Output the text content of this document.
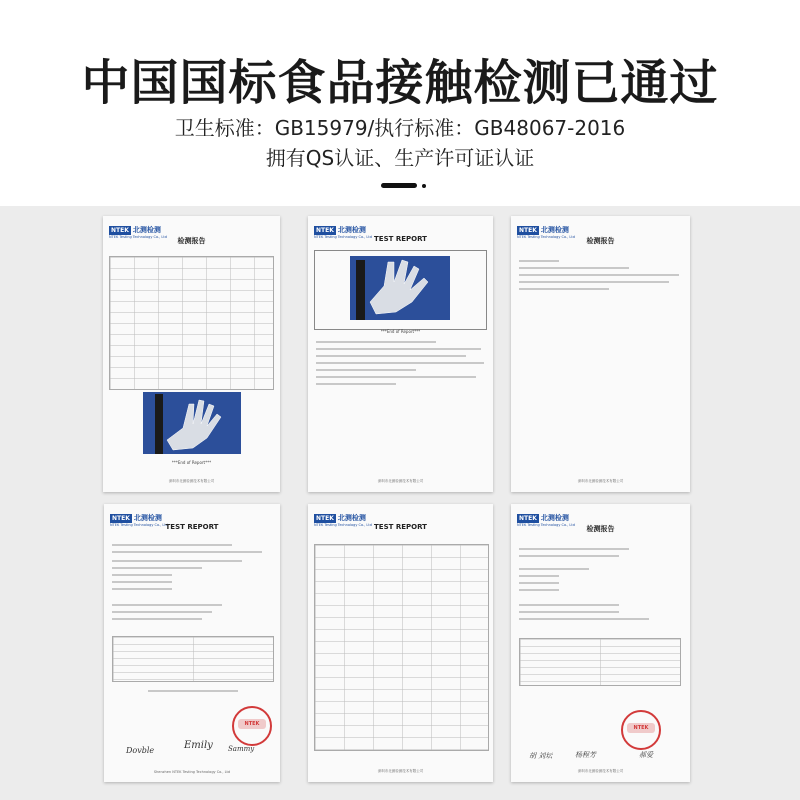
中国国标食品接触检测已通过
卫生标准：GB15979/执行标准：GB48067-2016
拥有QS认证、生产许可证认证
NTEK 北测检测
NTEK Testing Technology Co., Ltd	检测报告
***End of Report***
深圳市北测检测技术有限公司
NTEK 北测检测
NTEK Testing Technology Co., Ltd TEST REPORT
***End of Report***
深圳市北测检测技术有限公司
NTEK 北测检测
NTEK Testing Technology Co., Ltd	检测报告
深圳市北测检测技术有限公司
NTEK 北测检测
NTEK Testing Technology Co., Ltd
TEST REPORT
NTEK
Dovble	Emily Sammy
Shenzhen NTEK Testing Technology Co., Ltd
NTEK 北测检测
NTEK Testing Technology Co., Ltd TEST REPORT
深圳市北测检测技术有限公司
NTEK 北测检测
NTEK Testing Technology Co., Ltd	检测报告
NTEK
胡 刘坛	杨程芳	郝爱
深圳市北测检测技术有限公司
